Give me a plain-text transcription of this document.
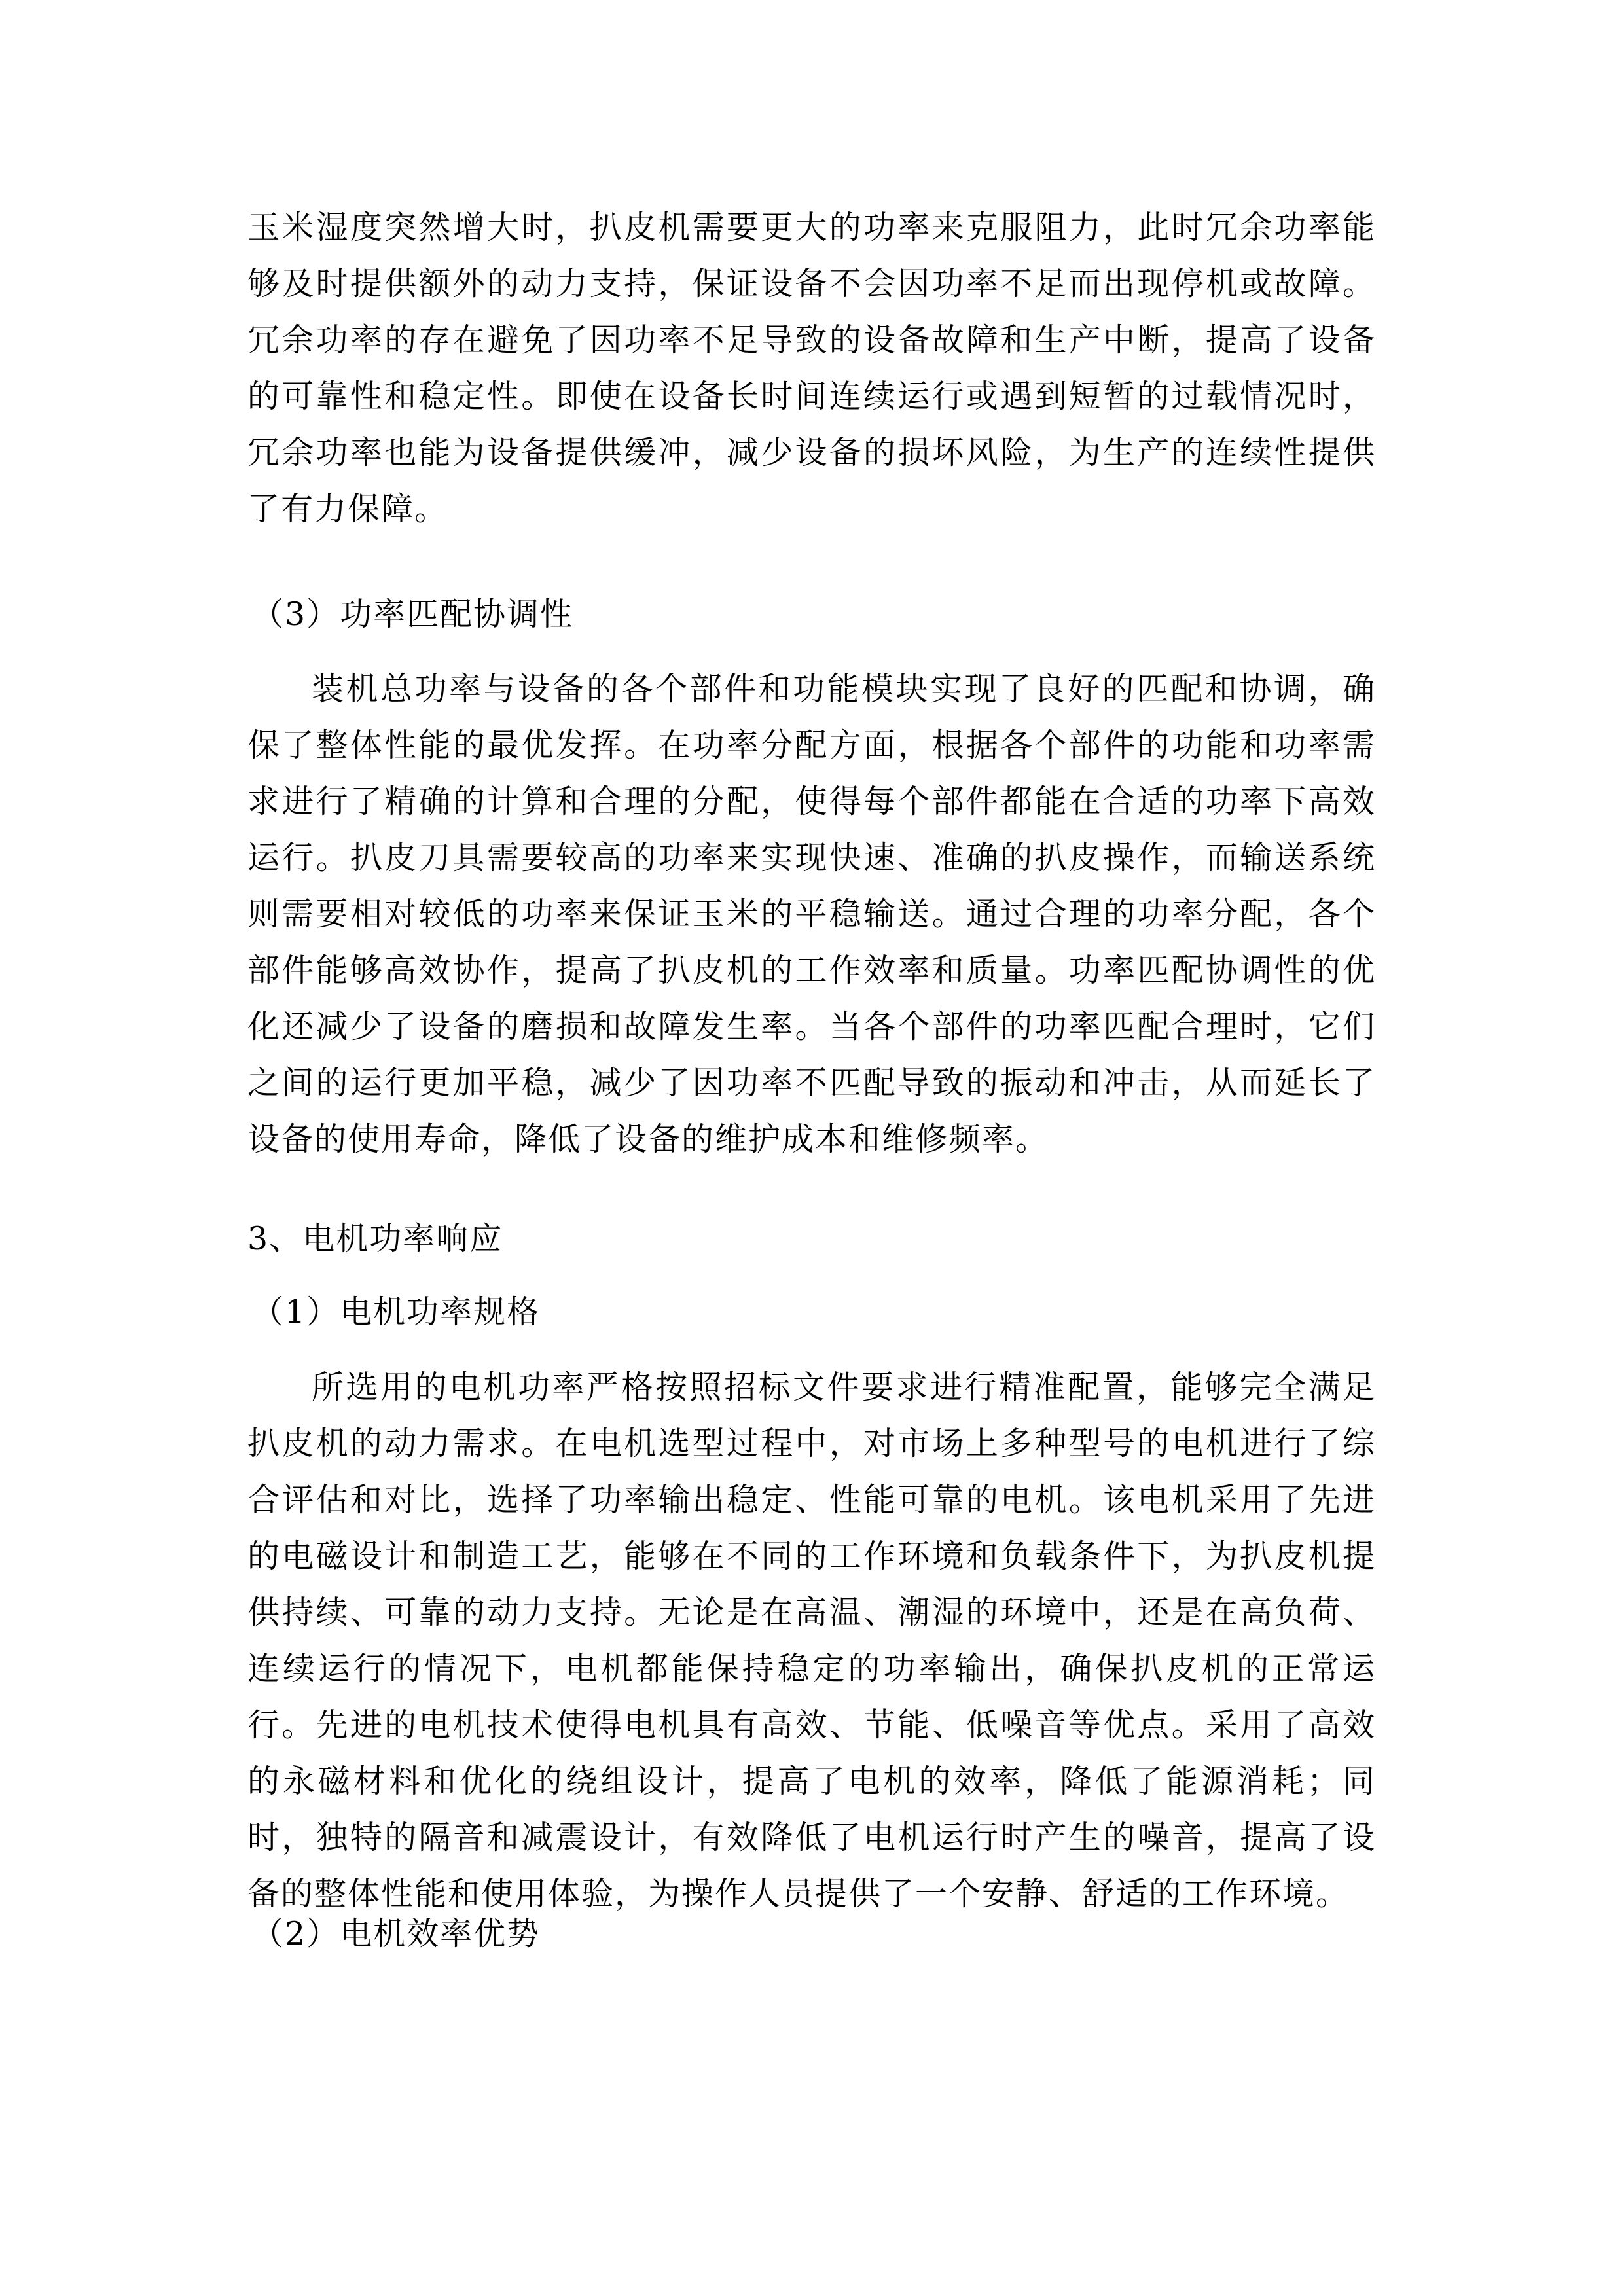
玉米湿度突然增大时，扒皮机需要更大的功率来克服阻力，此时冗余功率能够及时提供额外的动力支持，保证设备不会因功率不足而出现停机或故障。冗余功率的存在避免了因功率不足导致的设备故障和生产中断，提高了设备的可靠性和稳定性。即使在设备长时间连续运行或遇到短暂的过载情况时，冗余功率也能为设备提供缓冲，减少设备的损坏风险，为生产的连续性提供了有力保障。
（3）功率匹配协调性
装机总功率与设备的各个部件和功能模块实现了良好的匹配和协调，确保了整体性能的最优发挥。在功率分配方面，根据各个部件的功能和功率需求进行了精确的计算和合理的分配，使得每个部件都能在合适的功率下高效运行。扒皮刀具需要较高的功率来实现快速、准确的扒皮操作，而输送系统则需要相对较低的功率来保证玉米的平稳输送。通过合理的功率分配，各个部件能够高效协作，提高了扒皮机的工作效率和质量。功率匹配协调性的优化还减少了设备的磨损和故障发生率。当各个部件的功率匹配合理时，它们之间的运行更加平稳，减少了因功率不匹配导致的振动和冲击，从而延长了设备的使用寿命，降低了设备的维护成本和维修频率。
3、电机功率响应
（1）电机功率规格
所选用的电机功率严格按照招标文件要求进行精准配置，能够完全满足扒皮机的动力需求。在电机选型过程中，对市场上多种型号的电机进行了综合评估和对比，选择了功率输出稳定、性能可靠的电机。该电机采用了先进的电磁设计和制造工艺，能够在不同的工作环境和负载条件下，为扒皮机提供持续、可靠的动力支持。无论是在高温、潮湿的环境中，还是在高负荷、连续运行的情况下，电机都能保持稳定的功率输出，确保扒皮机的正常运行。先进的电机技术使得电机具有高效、节能、低噪音等优点。采用了高效的永磁材料和优化的绕组设计，提高了电机的效率，降低了能源消耗；同时，独特的隔音和减震设计，有效降低了电机运行时产生的噪音，提高了设备的整体性能和使用体验，为操作人员提供了一个安静、舒适的工作环境。
（2）电机效率优势
